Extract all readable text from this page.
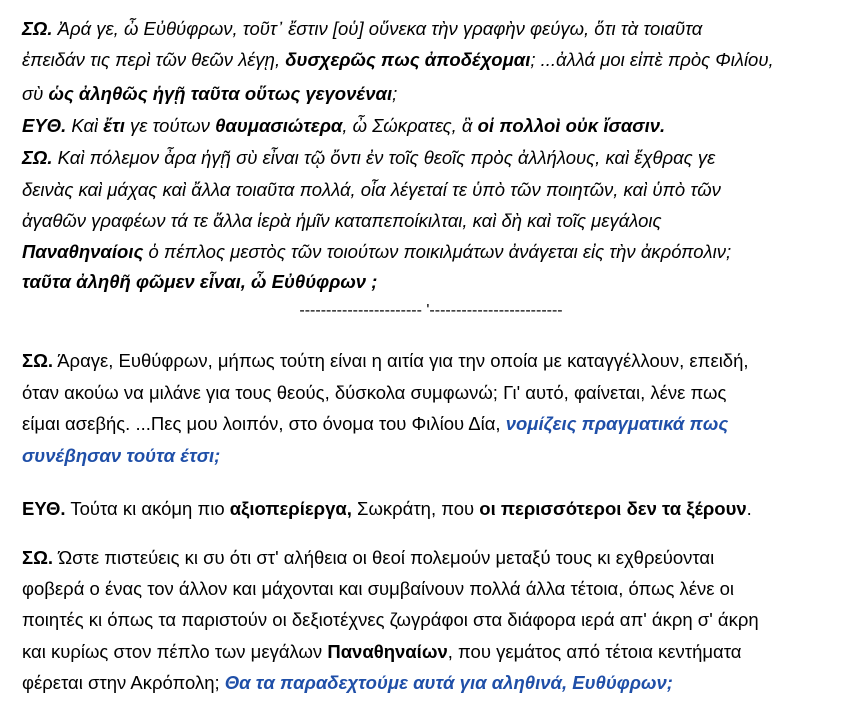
ΣΩ. Ἀρά γε, ὦ Εὐθύφρων, τοῦτ᾽ ἔστιν [οὑ] οὕνεκα τὴν γραφὴν φεύγω, ὅτι τὰ τοιαῦτα
ἐπειδάν τις περὶ τῶν θεῶν λέγῃ, δυσχερῶς πως ἀποδέχομαι; ...ἀλλά μοι εἰπὲ πρὸς Φιλίου,
σὺ ὡς ἀληθῶς ἡγῇ ταῦτα οὕτως γεγονέναι;
ΕΥΘ. Καὶ ἔτι γε τούτων θαυμασιώτερα, ὦ Σώκρατες, ἃ οἱ πολλοὶ οὐκ ἴσασιν.
ΣΩ. Καὶ πόλεμον ἆρα ἡγῇ σὺ εἶναι τῷ ὄντι ἐν τοῖς θεοῖς πρὸς ἀλλήλους, καὶ ἔχθρας γε
δεινὰς καὶ μάχας καὶ ἄλλα τοιαῦτα πολλά, οἷα λέγεταί τε ὑπὸ τῶν ποιητῶν, καὶ ὑπὸ τῶν
ἀγαθῶν γραφέων τά τε ἄλλα ἱερὰ ἡμῖν καταπεποίκιλται, καὶ δὴ καὶ τοῖς μεγάλοις
Παναθηναίοις ὁ πέπλος μεστὸς τῶν τοιούτων ποικιλμάτων ἀνάγεται εἰς τὴν ἀκρόπολιν;
ταῦτα ἀληθῆ φῶμεν εἶναι, ὦ Εὐθύφρων ;
----------------------- '-------------------------
ΣΩ. Άραγε, Ευθύφρων, μήπως τούτη είναι η αιτία για την οποία με καταγγέλλουν, επειδή,
όταν ακούω να μιλάνε για τους θεούς, δύσκολα συμφωνώ; Γι' αυτό, φαίνεται, λένε πως
είμαι ασεβής. ...Πες μου λοιπόν, στο όνομα του Φιλίου Δία, νομίζεις πραγματικά πως
συνέβησαν τούτα έτσι;
ΕΥΘ. Τούτα κι ακόμη πιο αξιοπερίεργα, Σωκράτη, που οι περισσότεροι δεν τα ξέρουν.
ΣΩ. Ώστε πιστεύεις κι συ ότι στ' αλήθεια οι θεοί πολεμούν μεταξύ τους κι εχθρεύονται
φοβερά ο ένας τον άλλον και μάχονται και συμβαίνουν πολλά άλλα τέτοια, όπως λένε οι
ποιητές κι όπως τα παριστούν οι δεξιοτέχνες ζωγράφοι στα διάφορα ιερά απ' άκρη σ' άκρη
και κυρίως στον πέπλο των μεγάλων Παναθηναίων, που γεμάτος από τέτοια κεντήματα
φέρεται στην Ακρόπολη; Θα τα παραδεχτούμε αυτά για αληθινά, Ευθύφρων;
